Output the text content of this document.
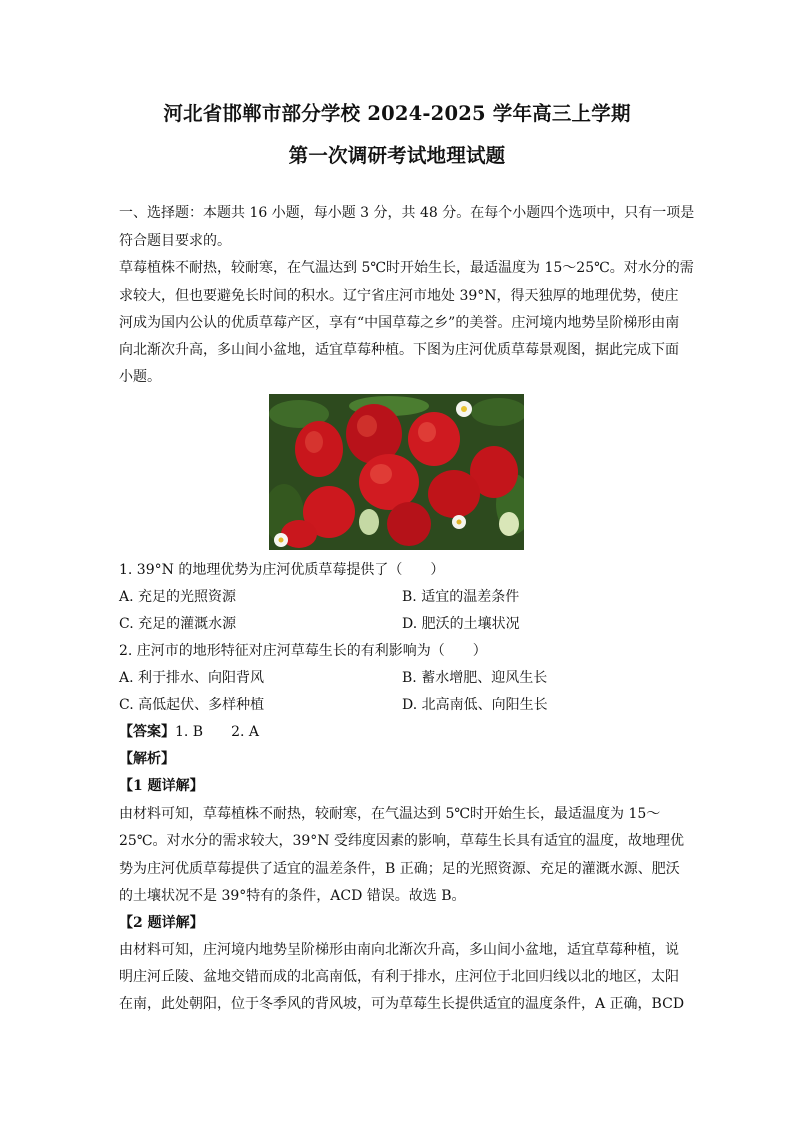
河北省邯郸市部分学校 2024-2025 学年高三上学期
第一次调研考试地理试题
一、选择题：本题共 16 小题，每小题 3 分，共 48 分。在每个小题四个选项中，只有一项是
符合题目要求的。
草莓植株不耐热，较耐寒，在气温达到 5℃时开始生长，最适温度为 15～25℃。对水分的需
求较大，但也要避免长时间的积水。辽宁省庄河市地处 39°N，得天独厚的地理优势，使庄
河成为国内公认的优质草莓产区，享有“中国草莓之乡”的美誉。庄河境内地势呈阶梯形由南
向北渐次升高，多山间小盆地，适宜草莓种植。下图为庄河优质草莓景观图，据此完成下面
小题。
1. 39°N 的地理优势为庄河优质草莓提供了（　　）
A. 充足的光照资源	B. 适宜的温差条件
C. 充足的灌溉水源	D. 肥沃的土壤状况
2. 庄河市的地形特征对庄河草莓生长的有利影响为（　　）
A. 利于排水、向阳背风	B. 蓄水增肥、迎风生长
C. 高低起伏、多样种植	D. 北高南低、向阳生长
【答案】1. B　　2. A
【解析】
【1 题详解】
由材料可知，草莓植株不耐热，较耐寒，在气温达到 5℃时开始生长，最适温度为 15～
25℃。对水分的需求较大，39°N 受纬度因素的影响，草莓生长具有适宜的温度，故地理优
势为庄河优质草莓提供了适宜的温差条件，B 正确；足的光照资源、充足的灌溉水源、肥沃
的土壤状况不是 39°特有的条件，ACD 错误。故选 B。
【2 题详解】
由材料可知，庄河境内地势呈阶梯形由南向北渐次升高，多山间小盆地，适宜草莓种植，说
明庄河丘陵、盆地交错而成的北高南低，有利于排水，庄河位于北回归线以北的地区，太阳
在南，此处朝阳，位于冬季风的背风坡，可为草莓生长提供适宜的温度条件，A 正确，BCD
